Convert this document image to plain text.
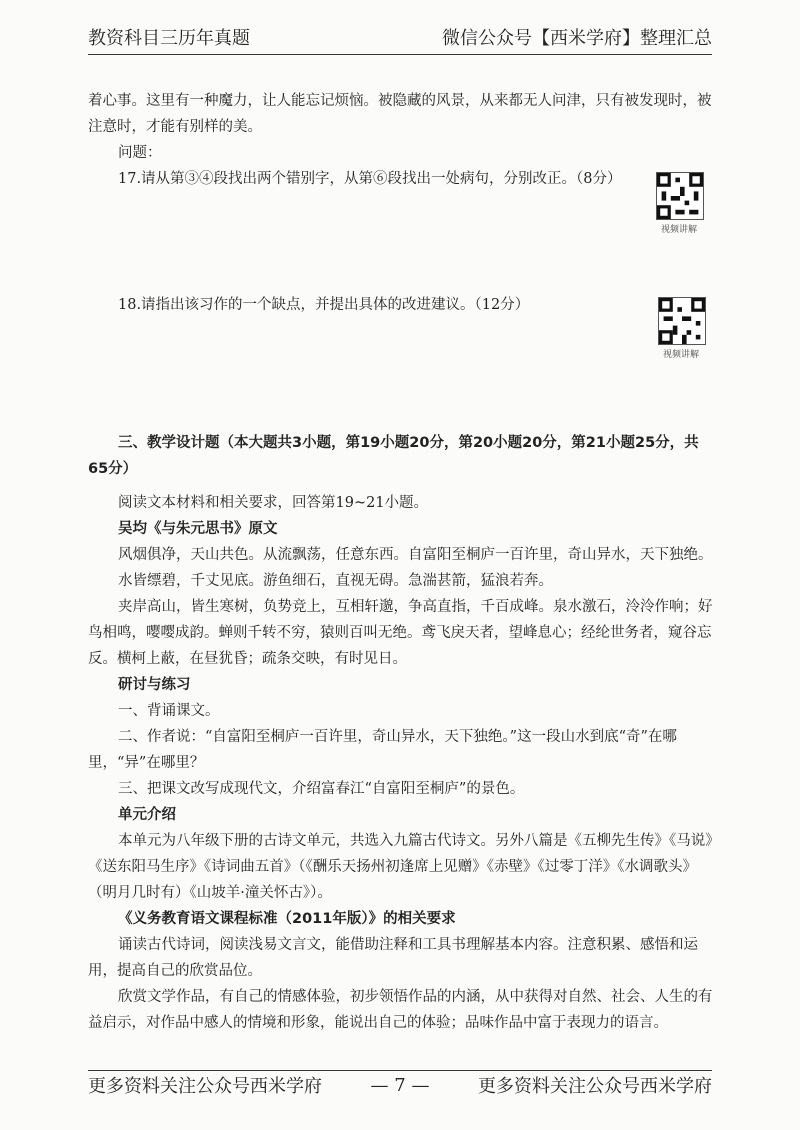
教资科目三历年真题	微信公众号【西米学府】整理汇总

着心事。这里有一种魔力，让人能忘记烦恼。被隐藏的风景，从来都无人问津，只有被发现时，被注意时，才能有别样的美。

问题：

17.请从第③④段找出两个错别字，从第⑥段找出一处病句，分别改正。（8分）

视频讲解

18.请指出该习作的一个缺点，并提出具体的改进建议。（12分）

视频讲解

三、教学设计题（本大题共3小题，第19小题20分，第20小题20分，第21小题25分，共65分）

阅读文本材料和相关要求，回答第19~21小题。

吴均《与朱元思书》原文

风烟俱净，天山共色。从流飘荡，任意东西。自富阳至桐庐一百许里，奇山异水，天下独绝。

水皆缥碧，千丈见底。游鱼细石，直视无碍。急湍甚箭，猛浪若奔。

夹岸高山，皆生寒树，负势竞上，互相轩邈，争高直指，千百成峰。泉水激石，泠泠作响；好鸟相鸣，嘤嘤成韵。蝉则千转不穷，猿则百叫无绝。鸢飞戾天者，望峰息心；经纶世务者，窥谷忘反。横柯上蔽，在昼犹昏；疏条交映，有时见日。

研讨与练习

一、背诵课文。

二、作者说：“自富阳至桐庐一百许里，奇山异水，天下独绝。”这一段山水到底“奇”在哪里，“异”在哪里？

三、把课文改写成现代文，介绍富春江“自富阳至桐庐”的景色。

单元介绍

本单元为八年级下册的古诗文单元，共选入九篇古代诗文。另外八篇是《五柳先生传》《马说》《送东阳马生序》《诗词曲五首》（《酬乐天扬州初逢席上见赠》《赤壁》《过零丁洋》《水调歌头》（明月几时有）《山坡羊·潼关怀古》）。

《义务教育语文课程标准（2011年版）》的相关要求

诵读古代诗词，阅读浅易文言文，能借助注释和工具书理解基本内容。注意积累、感悟和运用，提高自己的欣赏品位。

欣赏文学作品，有自己的情感体验，初步领悟作品的内涵，从中获得对自然、社会、人生的有益启示，对作品中感人的情境和形象，能说出自己的体验；品味作品中富于表现力的语言。

更多资料关注公众号西米学府	— 7 —	更多资料关注公众号西米学府
